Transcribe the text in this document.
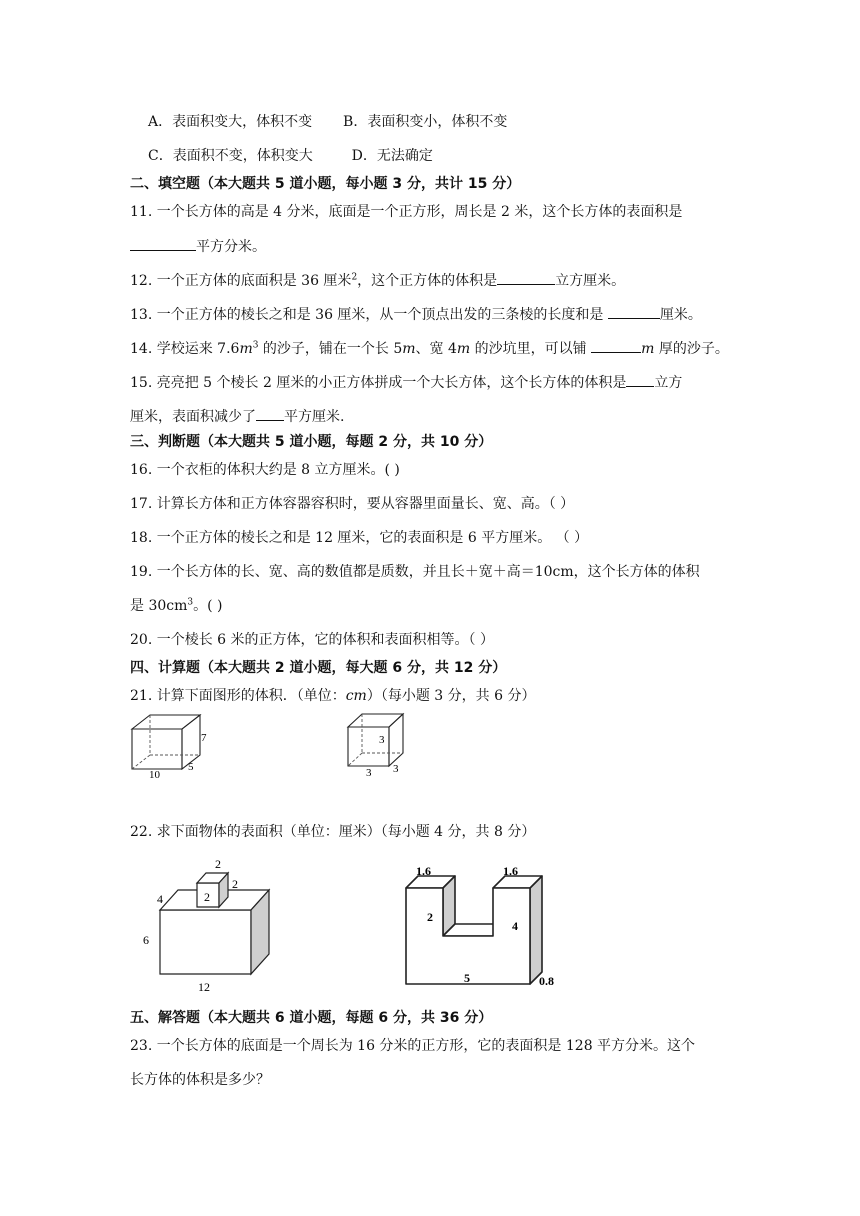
A．表面积变大，体积不变 B．表面积变小，体积不变
C．表面积不变，体积变大	D．无法确定
二、填空题（本大题共 5 道小题，每小题 3 分，共计 15 分）
11. 一个长方体的高是 4 分米，底面是一个正方形，周长是 2 米，这个长方体的表面积是
平方分米。
12. 一个正方体的底面积是 36 厘米$^2$，这个正方体的体积是	立方厘米。
13. 一个正方体的棱长之和是 36 厘米，从一个顶点出发的三条棱的长度和是	厘米。
14. 学校运来 $7.6m^3$ 的沙子，铺在一个长 5m、宽 4m 的沙坑里，可以铺	m 厚的沙子。
15. 亮亮把 5 个棱长 2 厘米的小正方体拼成一个大长方体，这个长方体的体积是 立方
厘米，表面积减少了 平方厘米.
三、判断题（本大题共 5 道小题，每题 2 分，共 10 分）
16. 一个衣柜的体积大约是 8 立方厘米。( )
17. 计算长方体和正方体容器容积时，要从容器里面量长、宽、高。（ ）
18. 一个正方体的棱长之和是 12 厘米，它的表面积是 6 平方厘米。 （ ）
19. 一个长方体的长、宽、高的数值都是质数，并且长＋宽＋高＝10cm，这个长方体的体积
是 $30cm^3$。( )
20. 一个棱长 6 米的正方体，它的体积和表面积相等。（ ）
四、计算题（本大题共 2 道小题，每大题 6 分，共 12 分）
21. 计算下面图形的体积．（单位：cm）（每小题 3 分，共 6 分）
7
5
10
3
3 3
22. 求下面物体的表面积（单位：厘米）（每小题 4 分，共 8 分）
2
2
2
4
6
12
1.6	1.6
2
4
5	0.8
五、解答题（本大题共 6 道小题，每题 6 分，共 36 分）
23. 一个长方体的底面是一个周长为 16 分米的正方形，它的表面积是 128 平方分米。这个
长方体的体积是多少？
